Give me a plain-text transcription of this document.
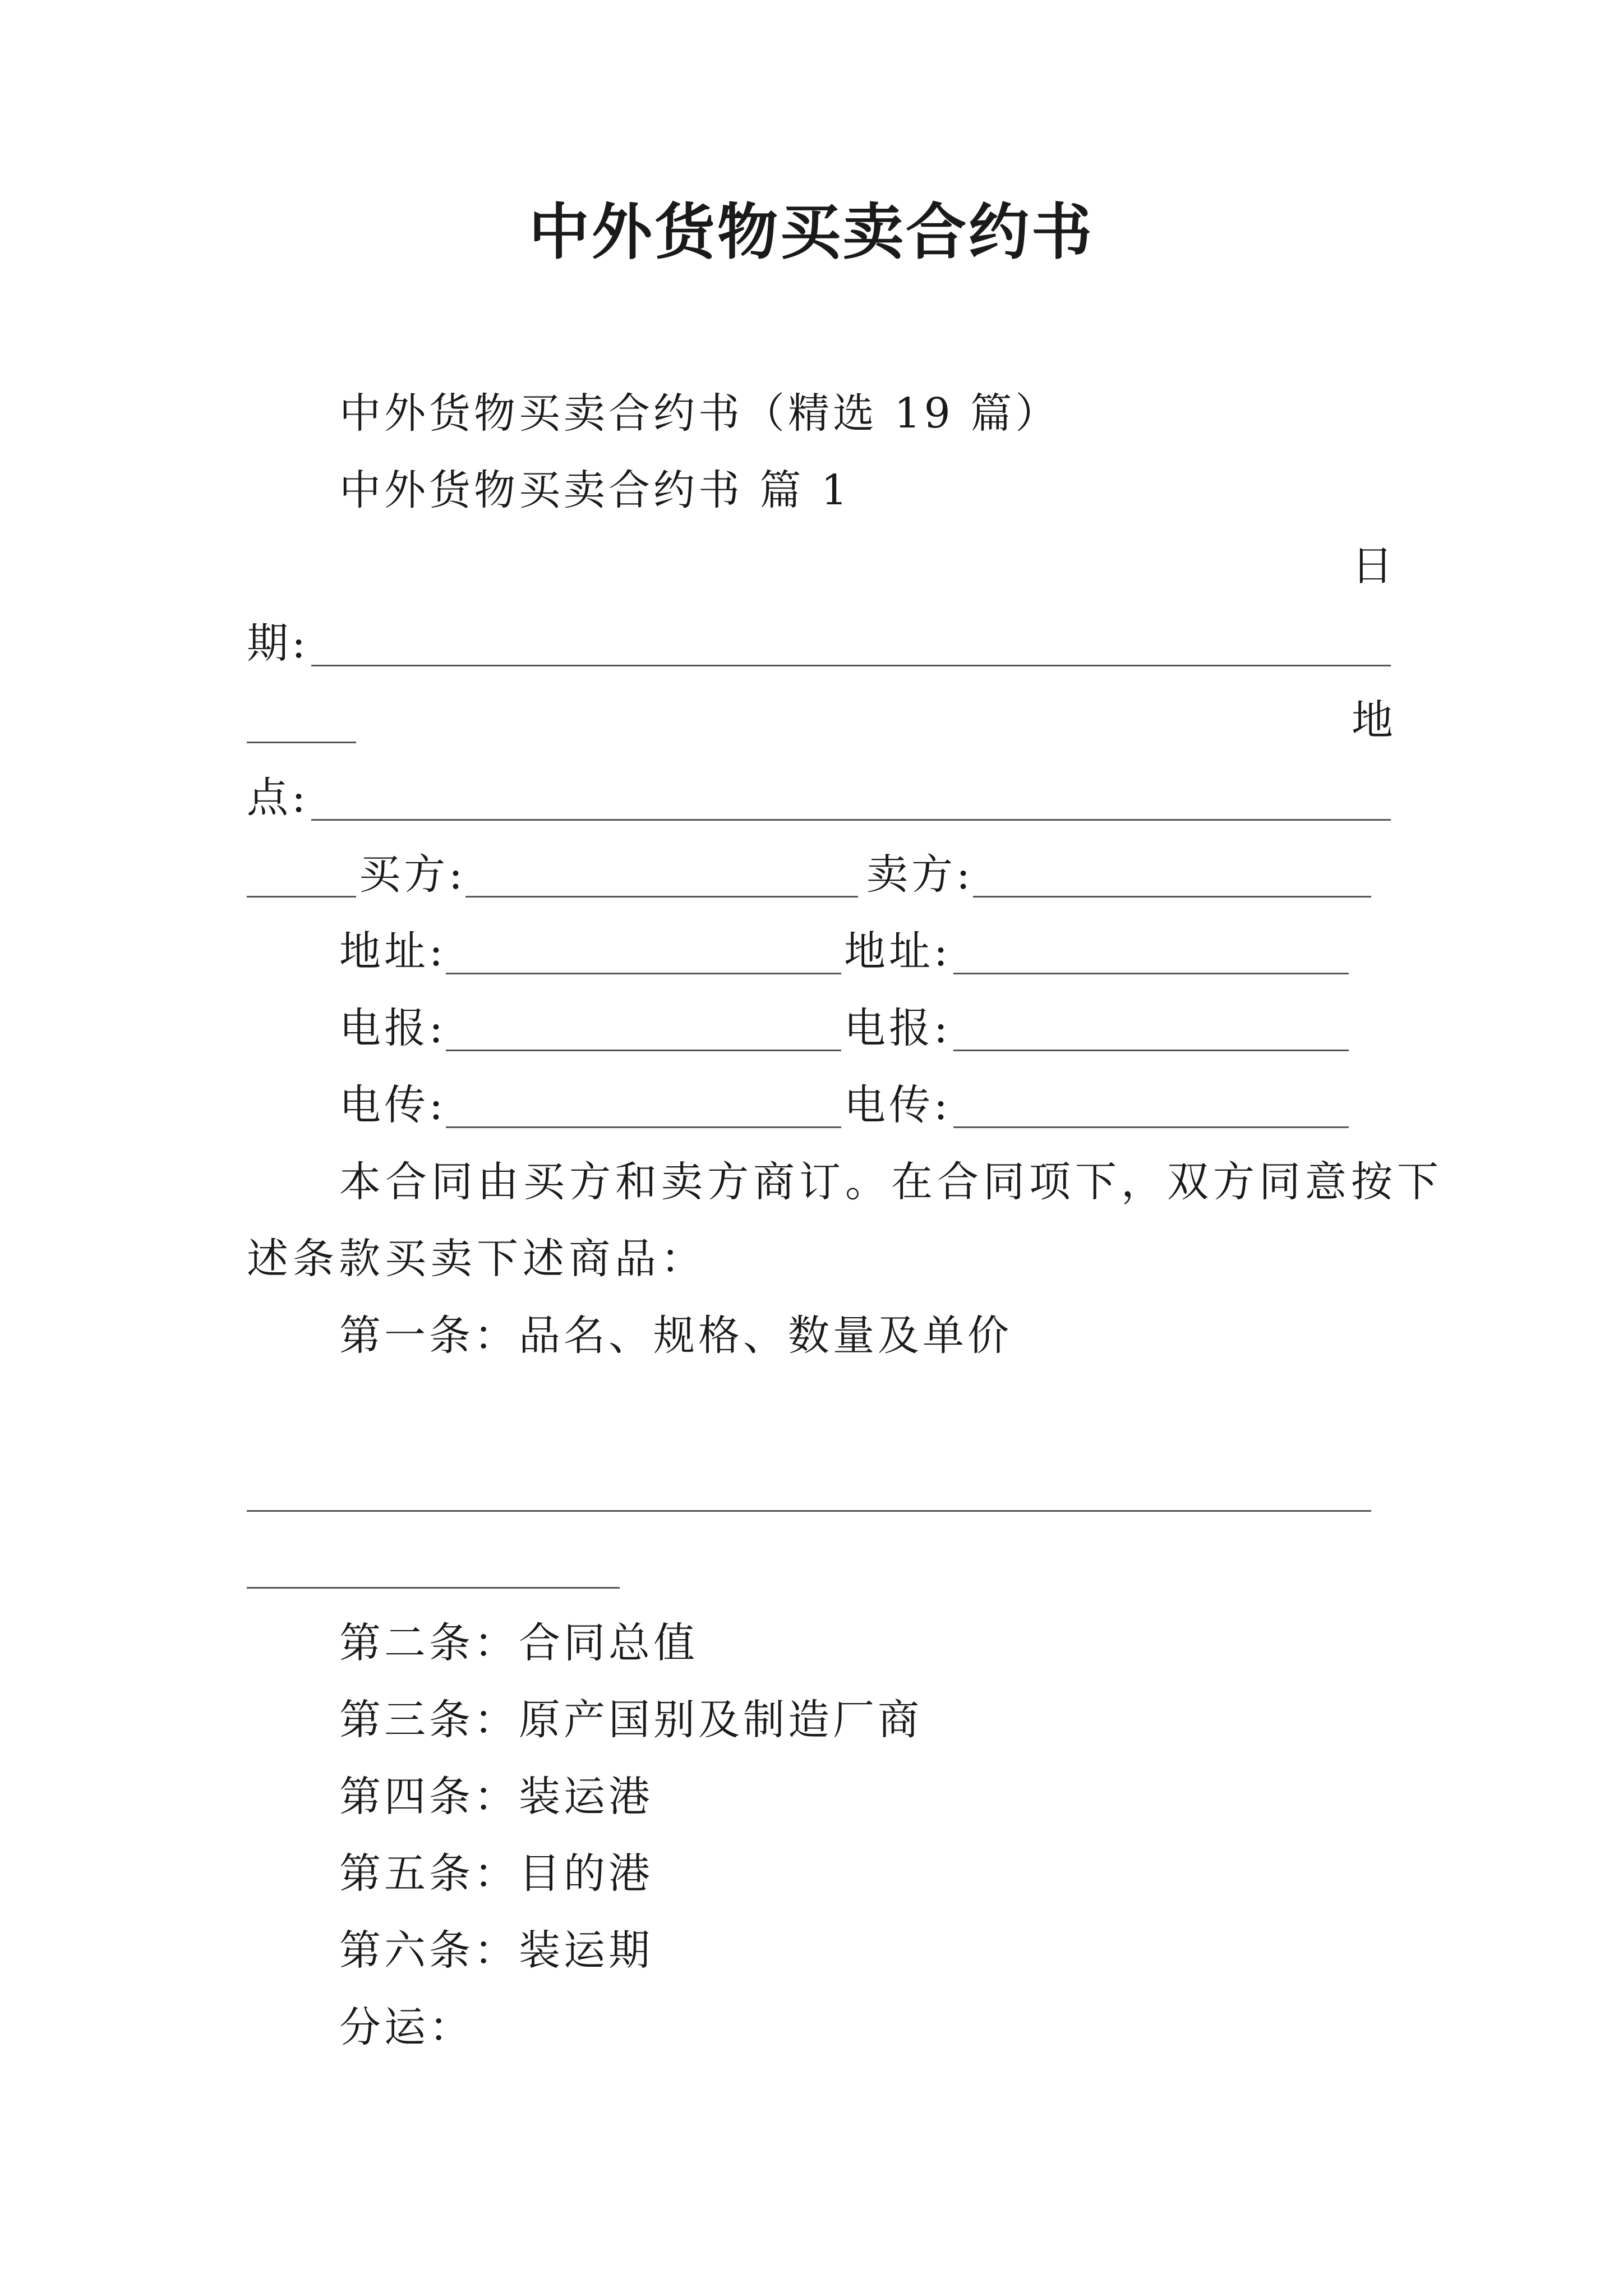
中外货物买卖合约书
中外货物买卖合约书（精选 19 篇）
中外货物买卖合约书 篇 1
日
期:
地
点:
买方:	卖方:
地址:	地址:
电报:	电报:
电传:	电传:
本合同由买方和卖方商订。在合同项下，双方同意按下
述条款买卖下述商品：
第一条：品名、规格、数量及单价
第二条：合同总值
第三条：原产国别及制造厂商
第四条：装运港
第五条：目的港
第六条：装运期
分运：
